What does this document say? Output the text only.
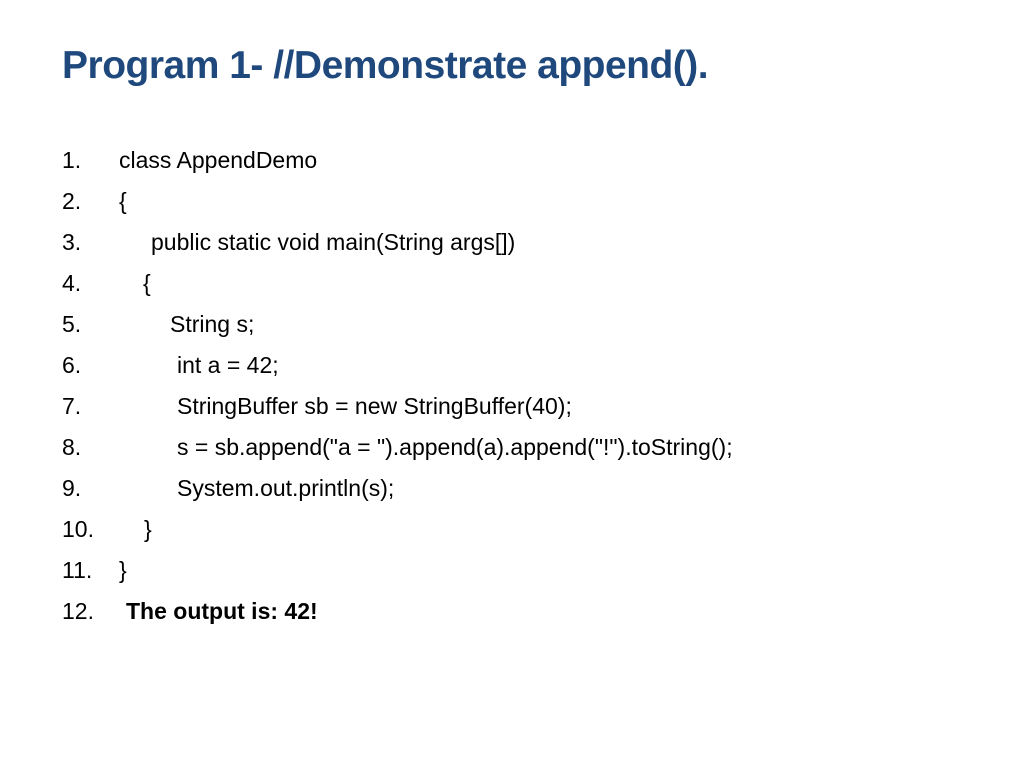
Program 1- //Demonstrate append().

1.

class AppendDemo

2.

{

3.

	public static void main(String args[])

4.

	{

5.

	String s;

6.

	int a = 42;

7.

	StringBuffer sb = new StringBuffer(40);

8.

	s = sb.append("a = ").append(a).append("!").toString();

9.

	System.out.println(s);

10.

}

11.

}

12.

The output is: 42!
